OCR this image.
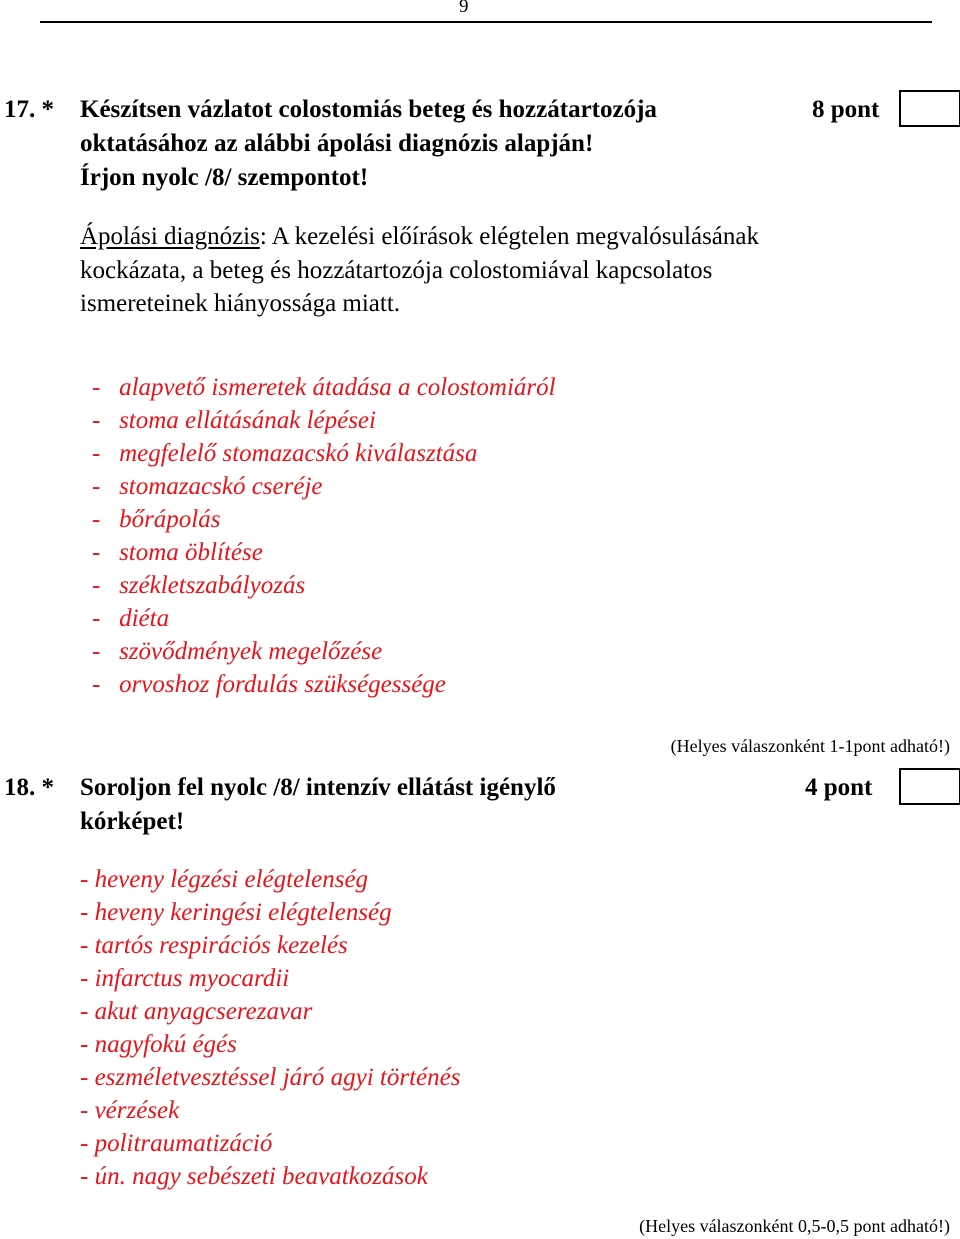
9
17. * Készítsen vázlatot colostomiás beteg és hozzátartozója
oktatásához az alábbi ápolási diagnózis alapján!
Írjon nyolc /8/ szempontot!
8 pont
Ápolási diagnózis: A kezelési előírások elégtelen megvalósulásának
kockázata, a beteg és hozzátartozója colostomiával kapcsolatos
ismereteinek hiányossága miatt.
-   alapvető ismeretek átadása a colostomiáról
-   stoma ellátásának lépései
-   megfelelő stomazacskó kiválasztása
-   stomazacskó cseréje
-   bőrápolás
-   stoma öblítése
-   székletszabályozás
-   diéta
-   szövődmények megelőzése
-   orvoshoz fordulás szükségessége
(Helyes válaszonként 1-1pont adható!)
18. * Soroljon fel nyolc /8/ intenzív ellátást igénylő
kórképet!
4 pont
- heveny légzési elégtelenség
- heveny keringési elégtelenség
- tartós respirációs kezelés
- infarctus myocardii
- akut anyagcserezavar
- nagyfokú égés
- eszméletvesztéssel járó agyi történés
- vérzések
- politraumatizáció
- ún. nagy sebészeti beavatkozások
(Helyes válaszonként 0,5-0,5 pont adható!)
